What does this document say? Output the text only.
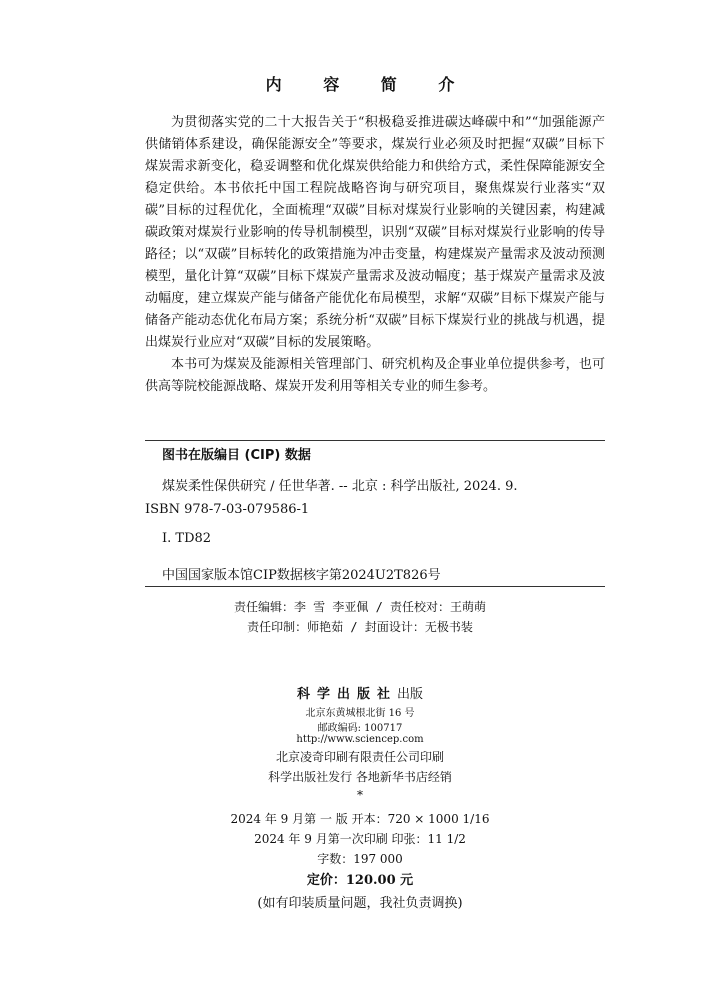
内 容 简 介

为贯彻落实党的二十大报告关于“积极稳妥推进碳达峰碳中和”“加强能源产供储销体系建设，确保能源安全”等要求，煤炭行业必须及时把握“双碳”目标下煤炭需求新变化，稳妥调整和优化煤炭供给能力和供给方式，柔性保障能源安全稳定供给。本书依托中国工程院战略咨询与研究项目，聚焦煤炭行业落实“双碳”目标的过程优化，全面梳理“双碳”目标对煤炭行业影响的关键因素，构建减碳政策对煤炭行业影响的传导机制模型，识别“双碳”目标对煤炭行业影响的传导路径；以“双碳”目标转化的政策措施为冲击变量，构建煤炭产量需求及波动预测模型，量化计算“双碳”目标下煤炭产量需求及波动幅度；基于煤炭产量需求及波动幅度，建立煤炭产能与储备产能优化布局模型，求解“双碳”目标下煤炭产能与储备产能动态优化布局方案；系统分析“双碳”目标下煤炭行业的挑战与机遇，提出煤炭行业应对“双碳”目标的发展策略。

本书可为煤炭及能源相关管理部门、研究机构及企事业单位提供参考，也可供高等院校能源战略、煤炭开发利用等相关专业的师生参考。

图书在版编目 (CIP) 数据
煤炭柔性保供研究 / 任世华著. -- 北京 : 科学出版社, 2024. 9.
ISBN 978-7-03-079586-1
Ⅰ. TD82
中国国家版本馆CIP数据核字第2024U2T826号
责任编辑：李 雪 李亚佩 / 责任校对：王萌萌
责任印制：师艳茹 / 封面设计：无极书装
科学出版社出版
北京东黄城根北街 16 号
邮政编码: 100717
http://www.sciencep.com
北京凌奇印刷有限责任公司印刷
科学出版社发行 各地新华书店经销
*
2024 年 9 月第 一 版 开本：720 × 1000 1/16
2024 年 9 月第一次印刷 印张：11 1/2
字数：197 000
定价：120.00 元
(如有印装质量问题，我社负责调换)
